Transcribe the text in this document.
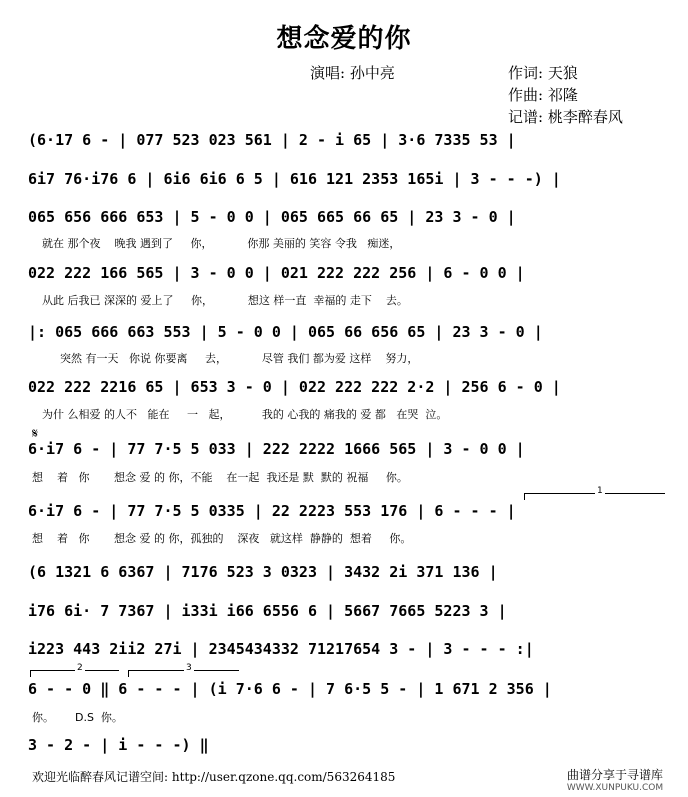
想念爱的你
演唱: 孙中亮	作词: 天狼
作曲: 祁隆
记谱: 桃李醉春风
(6·17 6 - | 077 523 023 561 | 2 - i 65 | 3·6 7335 53 |
6i7 76·i76 6 | 6i6 6i6 6 5 | 616 121 2353 165i | 3 - - -) |
065 656 666 653 | 5 - 0 0 | 065 665 66 65 | 23 3 - 0 |
就在 那个夜    晚我 遇到了     你，          你那 美丽的 笑容 令我   痴迷，
022 222 166 565 | 3 - 0 0 | 021 222 222 256 | 6 - 0 0 |
从此 后我已 深深的 爱上了     你，          想这 样一直  幸福的 走下    去。
|: 065 666 663 553 | 5 - 0 0 | 065 66 656 65 | 23 3 - 0 |
突然 有一天   你说 你要离     去，          尽管 我们 都为爱 这样    努力，
022 222 2216 65 | 653 3 - 0 | 022 222 222 2·2 | 256 6 - 0 |
为什 么相爱 的人不   能在     一   起，         我的 心我的 痛我的 爱 都   在哭  泣。
𝄋
6·i7 6 - | 77 7·5 5 033 | 222 2222 1666 565 | 3 - 0 0 |
想    着   你       想念 爱 的 你，不能    在一起  我还是 默  默的 祝福     你。
1
6·i7 6 - | 77 7·5 5 0335 | 22 2223 553 176 | 6 - - - |
想    着   你       想念 爱 的 你，孤独的    深夜   就这样  静静的  想着     你。
(6 1321 6 6367 | 7176 523 3 0323 | 3432 2i 371 136 |
i76 6i· 7 7367 | i33i i66 6556 6 | 5667 7665 5223 3 |
i223 443 2ii2 27i | 2345434332 71217654 3 - | 3 - - - :|
2	3
6 - - 0 ‖ 6 - - - | (i 7·6 6 - | 7 6·5 5 - | 1 671 2 356 |
你。      D.S  你。
3 - 2 - | i - - -) ‖
欢迎光临醉春风记谱空间: http://user.qzone.qq.com/563264185	曲谱分享于寻谱库
WWW.XUNPUKU.COM
